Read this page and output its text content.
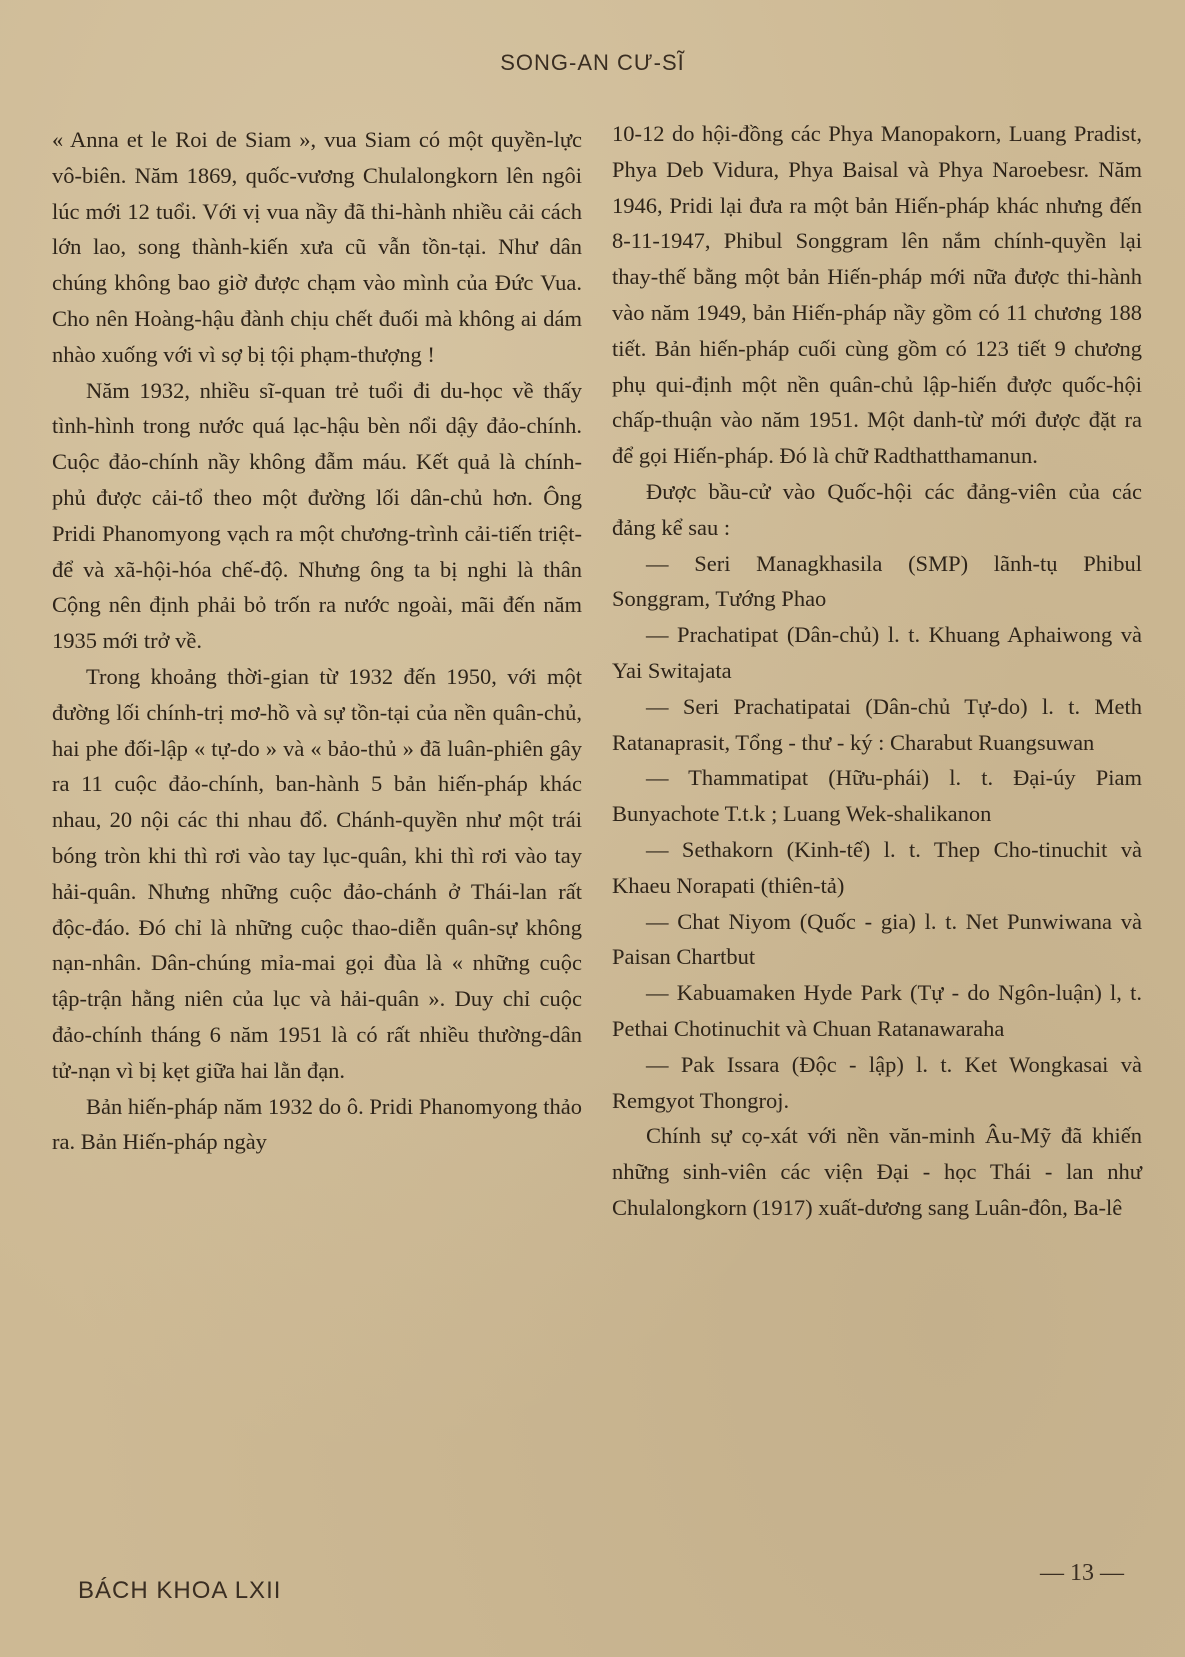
SONG-AN CƯ-SĨ

« Anna et le Roi de Siam », vua Siam có một quyền-lực vô-biên. Năm 1869, quốc-vương Chulalongkorn lên ngôi lúc mới 12 tuổi. Với vị vua nầy đã thi-hành nhiều cải cách lớn lao, song thành-kiến xưa cũ vẫn tồn-tại. Như dân chúng không bao giờ được chạm vào mình của Đức Vua. Cho nên Hoàng-hậu đành chịu chết đuối mà không ai dám nhào xuống với vì sợ bị tội phạm-thượng !

Năm 1932, nhiều sĩ-quan trẻ tuổi đi du-học về thấy tình-hình trong nước quá lạc-hậu bèn nổi dậy đảo-chính. Cuộc đảo-chính nầy không đẫm máu. Kết quả là chính-phủ được cải-tổ theo một đường lối dân-chủ hơn. Ông Pridi Phanomyong vạch ra một chương-trình cải-tiến triệt-để và xã-hội-hóa chế-độ. Nhưng ông ta bị nghi là thân Cộng nên định phải bỏ trốn ra nước ngoài, mãi đến năm 1935 mới trở về.

Trong khoảng thời-gian từ 1932 đến 1950, với một đường lối chính-trị mơ-hồ và sự tồn-tại của nền quân-chủ, hai phe đối-lập « tự-do » và « bảo-thủ » đã luân-phiên gây ra 11 cuộc đảo-chính, ban-hành 5 bản hiến-pháp khác nhau, 20 nội các thi nhau đổ. Chánh-quyền như một trái bóng tròn khi thì rơi vào tay lục-quân, khi thì rơi vào tay hải-quân. Nhưng những cuộc đảo-chánh ở Thái-lan rất độc-đáo. Đó chỉ là những cuộc thao-diễn quân-sự không nạn-nhân. Dân-chúng mỉa-mai gọi đùa là « những cuộc tập-trận hằng niên của lục và hải-quân ». Duy chỉ cuộc đảo-chính tháng 6 năm 1951 là có rất nhiều thường-dân tử-nạn vì bị kẹt giữa hai lằn đạn.

Bản hiến-pháp năm 1932 do ô. Pridi Phanomyong thảo ra. Bản Hiến-pháp ngày

10-12 do hội-đồng các Phya Manopakorn, Luang Pradist, Phya Deb Vidura, Phya Baisal và Phya Naroebesr. Năm 1946, Pridi lại đưa ra một bản Hiến-pháp khác nhưng đến 8-11-1947, Phibul Songgram lên nắm chính-quyền lại thay-thế bằng một bản Hiến-pháp mới nữa được thi-hành vào năm 1949, bản Hiến-pháp nầy gồm có 11 chương 188 tiết. Bản hiến-pháp cuối cùng gồm có 123 tiết 9 chương phụ qui-định một nền quân-chủ lập-hiến được quốc-hội chấp-thuận vào năm 1951. Một danh-từ mới được đặt ra để gọi Hiến-pháp. Đó là chữ Radthatthamanun.

Được bầu-cử vào Quốc-hội các đảng-viên của các đảng kể sau :

— Seri Managkhasila (SMP) lãnh-tụ Phibul Songgram, Tướng Phao

— Prachatipat (Dân-chủ) l. t. Khuang Aphaiwong và Yai Switajata

— Seri Prachatipatai (Dân-chủ Tự-do) l. t. Meth Ratanaprasit, Tổng - thư - ký : Charabut Ruangsuwan

— Thammatipat (Hữu-phái) l. t. Đại-úy Piam Bunyachote T.t.k ; Luang Wek-shalikanon

— Sethakorn (Kinh-tế) l. t. Thep Cho-tinuchit và Khaeu Norapati (thiên-tả)

— Chat Niyom (Quốc - gia) l. t. Net Punwiwana và Paisan Chartbut

— Kabuamaken Hyde Park (Tự - do Ngôn-luận) l, t. Pethai Chotinuchit và Chuan Ratanawaraha

— Pak Issara (Độc - lập) l. t. Ket Wongkasai và Remgyot Thongroj.

Chính sự cọ-xát với nền văn-minh Âu-Mỹ đã khiến những sinh-viên các viện Đại - học Thái - lan như Chulalongkorn (1917) xuất-dương sang Luân-đôn, Ba-lê

BÁCH KHOA LXII
— 13 —
